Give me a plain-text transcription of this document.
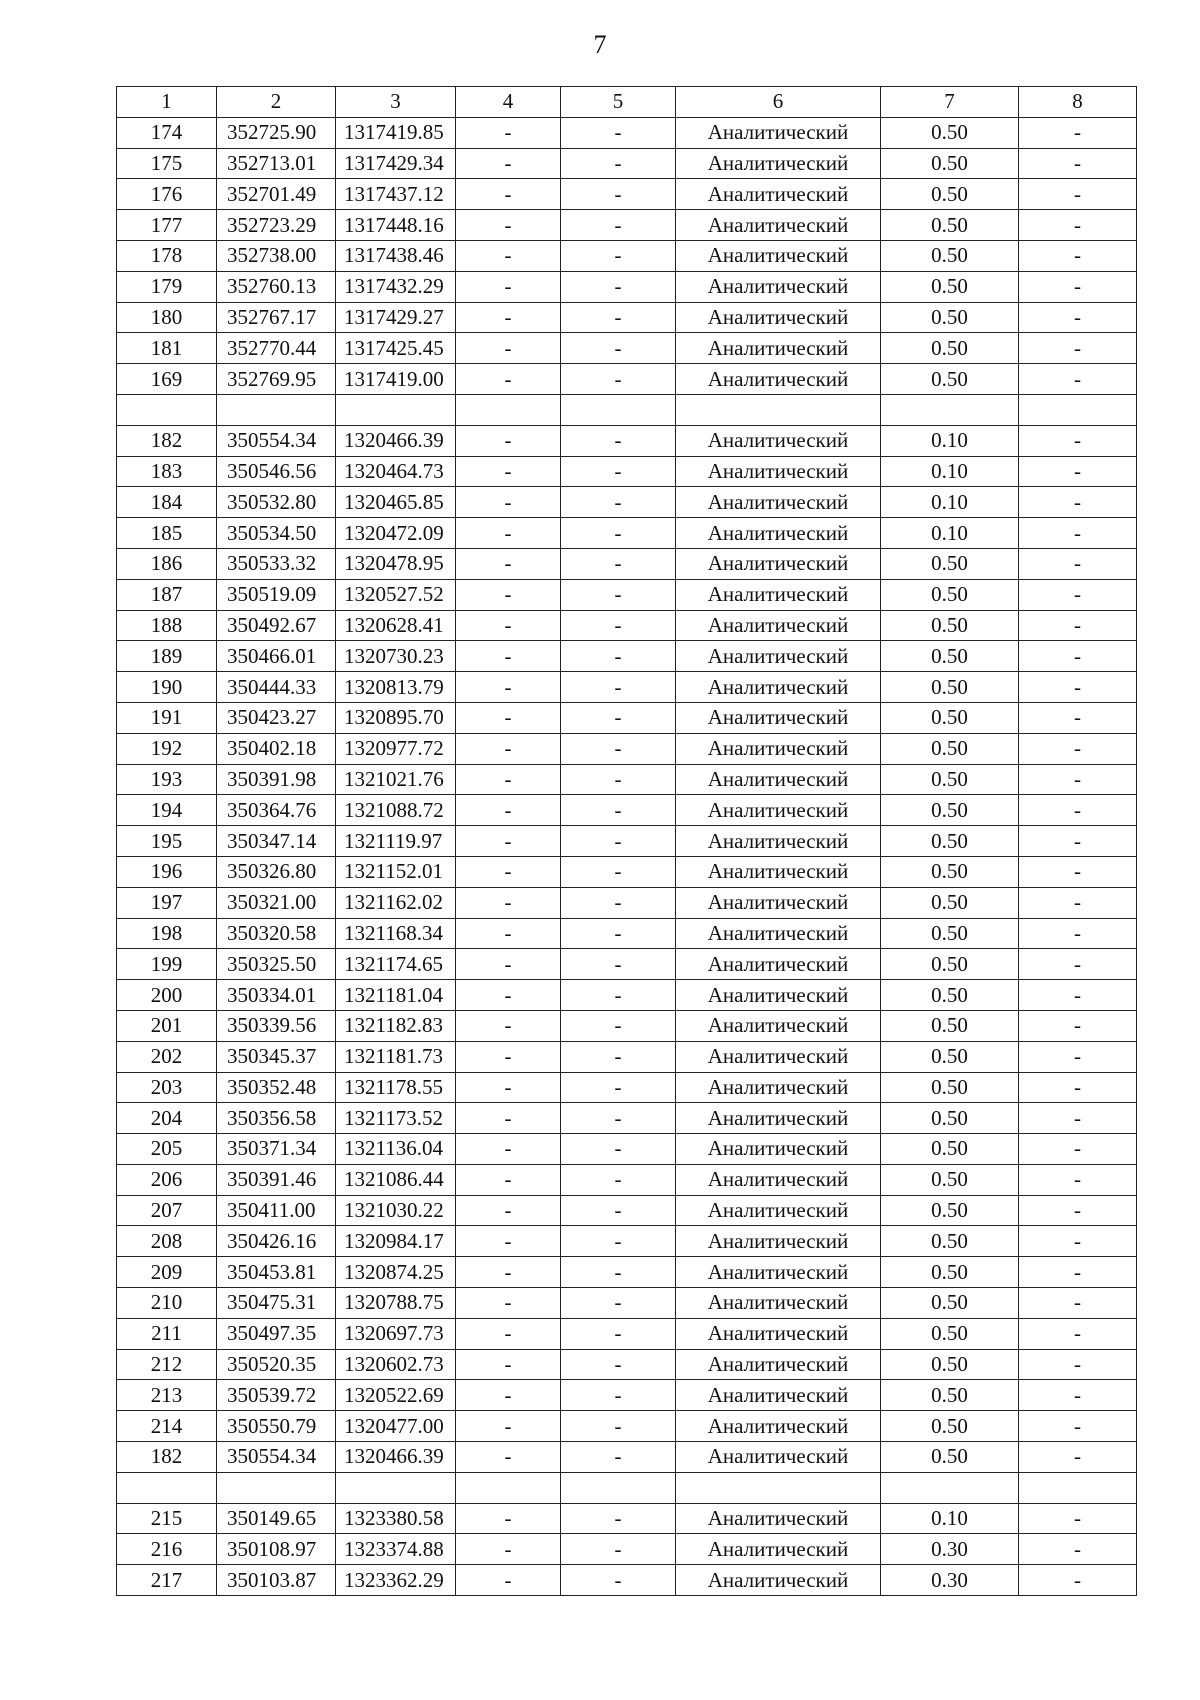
7
1	2	3	4	5	6	7	8
174	352725.90	1317419.85	-	-	Аналитический	0.50	-
175	352713.01	1317429.34	-	-	Аналитический	0.50	-
176	352701.49	1317437.12	-	-	Аналитический	0.50	-
177	352723.29	1317448.16	-	-	Аналитический	0.50	-
178	352738.00	1317438.46	-	-	Аналитический	0.50	-
179	352760.13	1317432.29	-	-	Аналитический	0.50	-
180	352767.17	1317429.27	-	-	Аналитический	0.50	-
181	352770.44	1317425.45	-	-	Аналитический	0.50	-
169	352769.95	1317419.00	-	-	Аналитический	0.50	-

182	350554.34	1320466.39	-	-	Аналитический	0.10	-
183	350546.56	1320464.73	-	-	Аналитический	0.10	-
184	350532.80	1320465.85	-	-	Аналитический	0.10	-
185	350534.50	1320472.09	-	-	Аналитический	0.10	-
186	350533.32	1320478.95	-	-	Аналитический	0.50	-
187	350519.09	1320527.52	-	-	Аналитический	0.50	-
188	350492.67	1320628.41	-	-	Аналитический	0.50	-
189	350466.01	1320730.23	-	-	Аналитический	0.50	-
190	350444.33	1320813.79	-	-	Аналитический	0.50	-
191	350423.27	1320895.70	-	-	Аналитический	0.50	-
192	350402.18	1320977.72	-	-	Аналитический	0.50	-
193	350391.98	1321021.76	-	-	Аналитический	0.50	-
194	350364.76	1321088.72	-	-	Аналитический	0.50	-
195	350347.14	1321119.97	-	-	Аналитический	0.50	-
196	350326.80	1321152.01	-	-	Аналитический	0.50	-
197	350321.00	1321162.02	-	-	Аналитический	0.50	-
198	350320.58	1321168.34	-	-	Аналитический	0.50	-
199	350325.50	1321174.65	-	-	Аналитический	0.50	-
200	350334.01	1321181.04	-	-	Аналитический	0.50	-
201	350339.56	1321182.83	-	-	Аналитический	0.50	-
202	350345.37	1321181.73	-	-	Аналитический	0.50	-
203	350352.48	1321178.55	-	-	Аналитический	0.50	-
204	350356.58	1321173.52	-	-	Аналитический	0.50	-
205	350371.34	1321136.04	-	-	Аналитический	0.50	-
206	350391.46	1321086.44	-	-	Аналитический	0.50	-
207	350411.00	1321030.22	-	-	Аналитический	0.50	-
208	350426.16	1320984.17	-	-	Аналитический	0.50	-
209	350453.81	1320874.25	-	-	Аналитический	0.50	-
210	350475.31	1320788.75	-	-	Аналитический	0.50	-
211	350497.35	1320697.73	-	-	Аналитический	0.50	-
212	350520.35	1320602.73	-	-	Аналитический	0.50	-
213	350539.72	1320522.69	-	-	Аналитический	0.50	-
214	350550.79	1320477.00	-	-	Аналитический	0.50	-
182	350554.34	1320466.39	-	-	Аналитический	0.50	-

215	350149.65	1323380.58	-	-	Аналитический	0.10	-
216	350108.97	1323374.88	-	-	Аналитический	0.30	-
217	350103.87	1323362.29	-	-	Аналитический	0.30	-
